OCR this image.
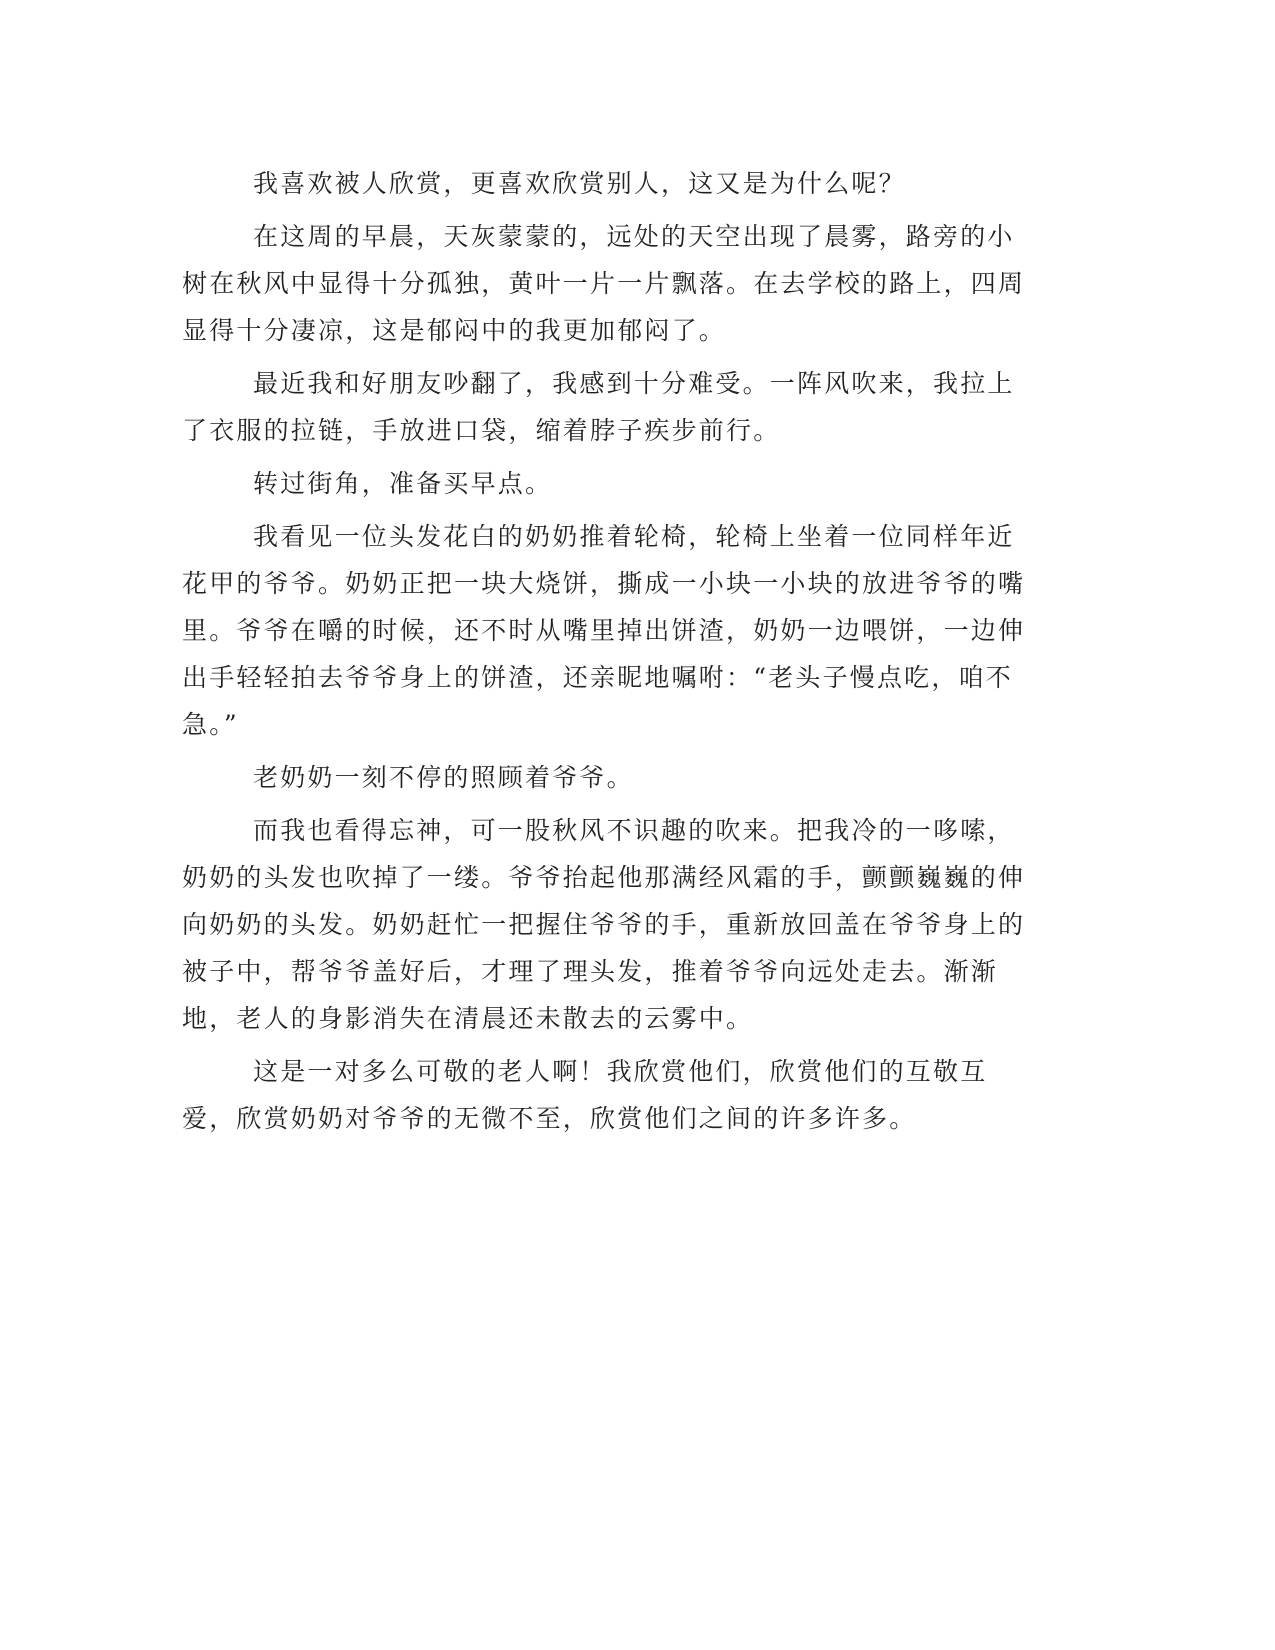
我喜欢被人欣赏，更喜欢欣赏别人，这又是为什么呢？

在这周的早晨，天灰蒙蒙的，远处的天空出现了晨雾，路旁的小树在秋风中显得十分孤独，黄叶一片一片飘落。在去学校的路上，四周显得十分凄凉，这是郁闷中的我更加郁闷了。

最近我和好朋友吵翻了，我感到十分难受。一阵风吹来，我拉上了衣服的拉链，手放进口袋，缩着脖子疾步前行。

转过街角，准备买早点。

我看见一位头发花白的奶奶推着轮椅，轮椅上坐着一位同样年近花甲的爷爷。奶奶正把一块大烧饼，撕成一小块一小块的放进爷爷的嘴里。爷爷在嚼的时候，还不时从嘴里掉出饼渣，奶奶一边喂饼，一边伸出手轻轻拍去爷爷身上的饼渣，还亲昵地嘱咐：“老头子慢点吃，咱不急。”

老奶奶一刻不停的照顾着爷爷。

而我也看得忘神，可一股秋风不识趣的吹来。把我冷的一哆嗦，奶奶的头发也吹掉了一缕。爷爷抬起他那满经风霜的手，颤颤巍巍的伸向奶奶的头发。奶奶赶忙一把握住爷爷的手，重新放回盖在爷爷身上的被子中，帮爷爷盖好后，才理了理头发，推着爷爷向远处走去。渐渐地，老人的身影消失在清晨还未散去的云雾中。

这是一对多么可敬的老人啊！我欣赏他们，欣赏他们的互敬互爱，欣赏奶奶对爷爷的无微不至，欣赏他们之间的许多许多。
